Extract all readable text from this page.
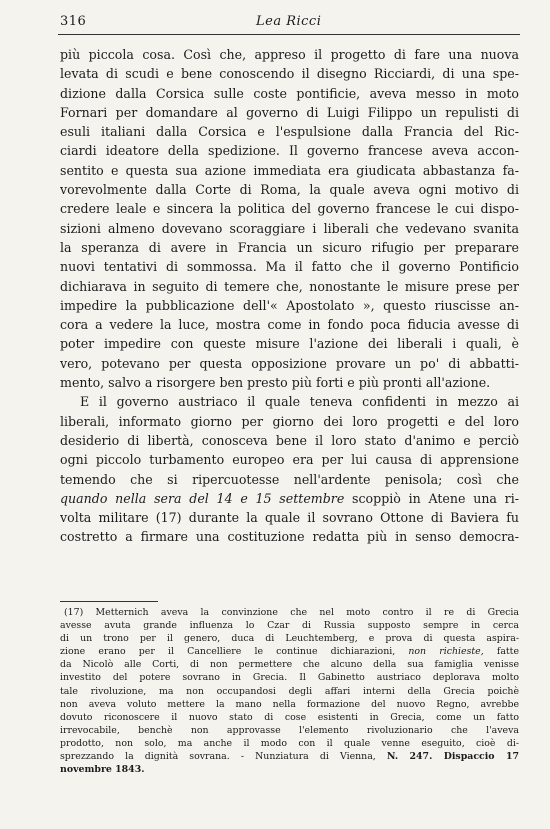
316	Lea Ricci

più piccola cosa. Così che, appreso il progetto di fare una nuova
levata di scudi e bene conoscendo il disegno Ricciardi, di una spe-
dizione dalla Corsica sulle coste pontificie, aveva messo in moto
Fornari per domandare al governo di Luigi Filippo un repulisti di
esuli italiani dalla Corsica e l'espulsione dalla Francia del Ric-
ciardi ideatore della spedizione. Il governo francese aveva accon-
sentito e questa sua azione immediata era giudicata abbastanza fa-
vorevolmente dalla Corte di Roma, la quale aveva ogni motivo di
credere leale e sincera la politica del governo francese le cui dispo-
sizioni almeno dovevano scoraggiare i liberali che vedevano svanita
la speranza di avere in Francia un sicuro rifugio per preparare
nuovi tentativi di sommossa. Ma il fatto che il governo Pontificio
dichiarava in seguito di temere che, nonostante le misure prese per
impedire la pubblicazione dell'« Apostolato », questo riuscisse an-
cora a vedere la luce, mostra come in fondo poca fiducia avesse di
poter impedire con queste misure l'azione dei liberali i quali, è
vero, potevano per questa opposizione provare un po' di abbatti-
mento, salvo a risorgere ben presto più forti e più pronti all'azione.

E il governo austriaco il quale teneva confidenti in mezzo ai
liberali, informato giorno per giorno dei loro progetti e del loro
desiderio di libertà, conosceva bene il loro stato d'animo e perciò
ogni piccolo turbamento europeo era per lui causa di apprensione
temendo che si ripercuotesse nell'ardente penisola; così che
quando nella sera del 14 e 15 settembre scoppiò in Atene una ri-
volta militare (17) durante la quale il sovrano Ottone di Baviera fu
costretto a firmare una costituzione redatta più in senso democra-

(17) Metternich aveva la convinzione che nel moto contro il re di Grecia
avesse avuta grande influenza lo Czar di Russia supposto sempre in cerca
di un trono per il genero, duca di Leuchtemberg, e prova di questa aspira-
zione erano per il Cancelliere le continue dichiarazioni, non richieste, fatte
da Nicolò alle Corti, di non permettere che alcuno della sua famiglia venisse
investito del potere sovrano in Grecia. Il Gabinetto austriaco deplorava molto
tale rivoluzione, ma non occupandosi degli affari interni della Grecia poichè
non aveva voluto mettere la mano nella formazione del nuovo Regno, avrebbe
dovuto riconoscere il nuovo stato di cose esistenti in Grecia, come un fatto
irrevocabile, benchè non approvasse l'elemento rivoluzionario che l'aveva
prodotto, non solo, ma anche il modo con il quale venne eseguito, cioè di-
sprezzando la dignità sovrana. - Nunziatura di Vienna, N. 247. Dispaccio 17
novembre 1843.
